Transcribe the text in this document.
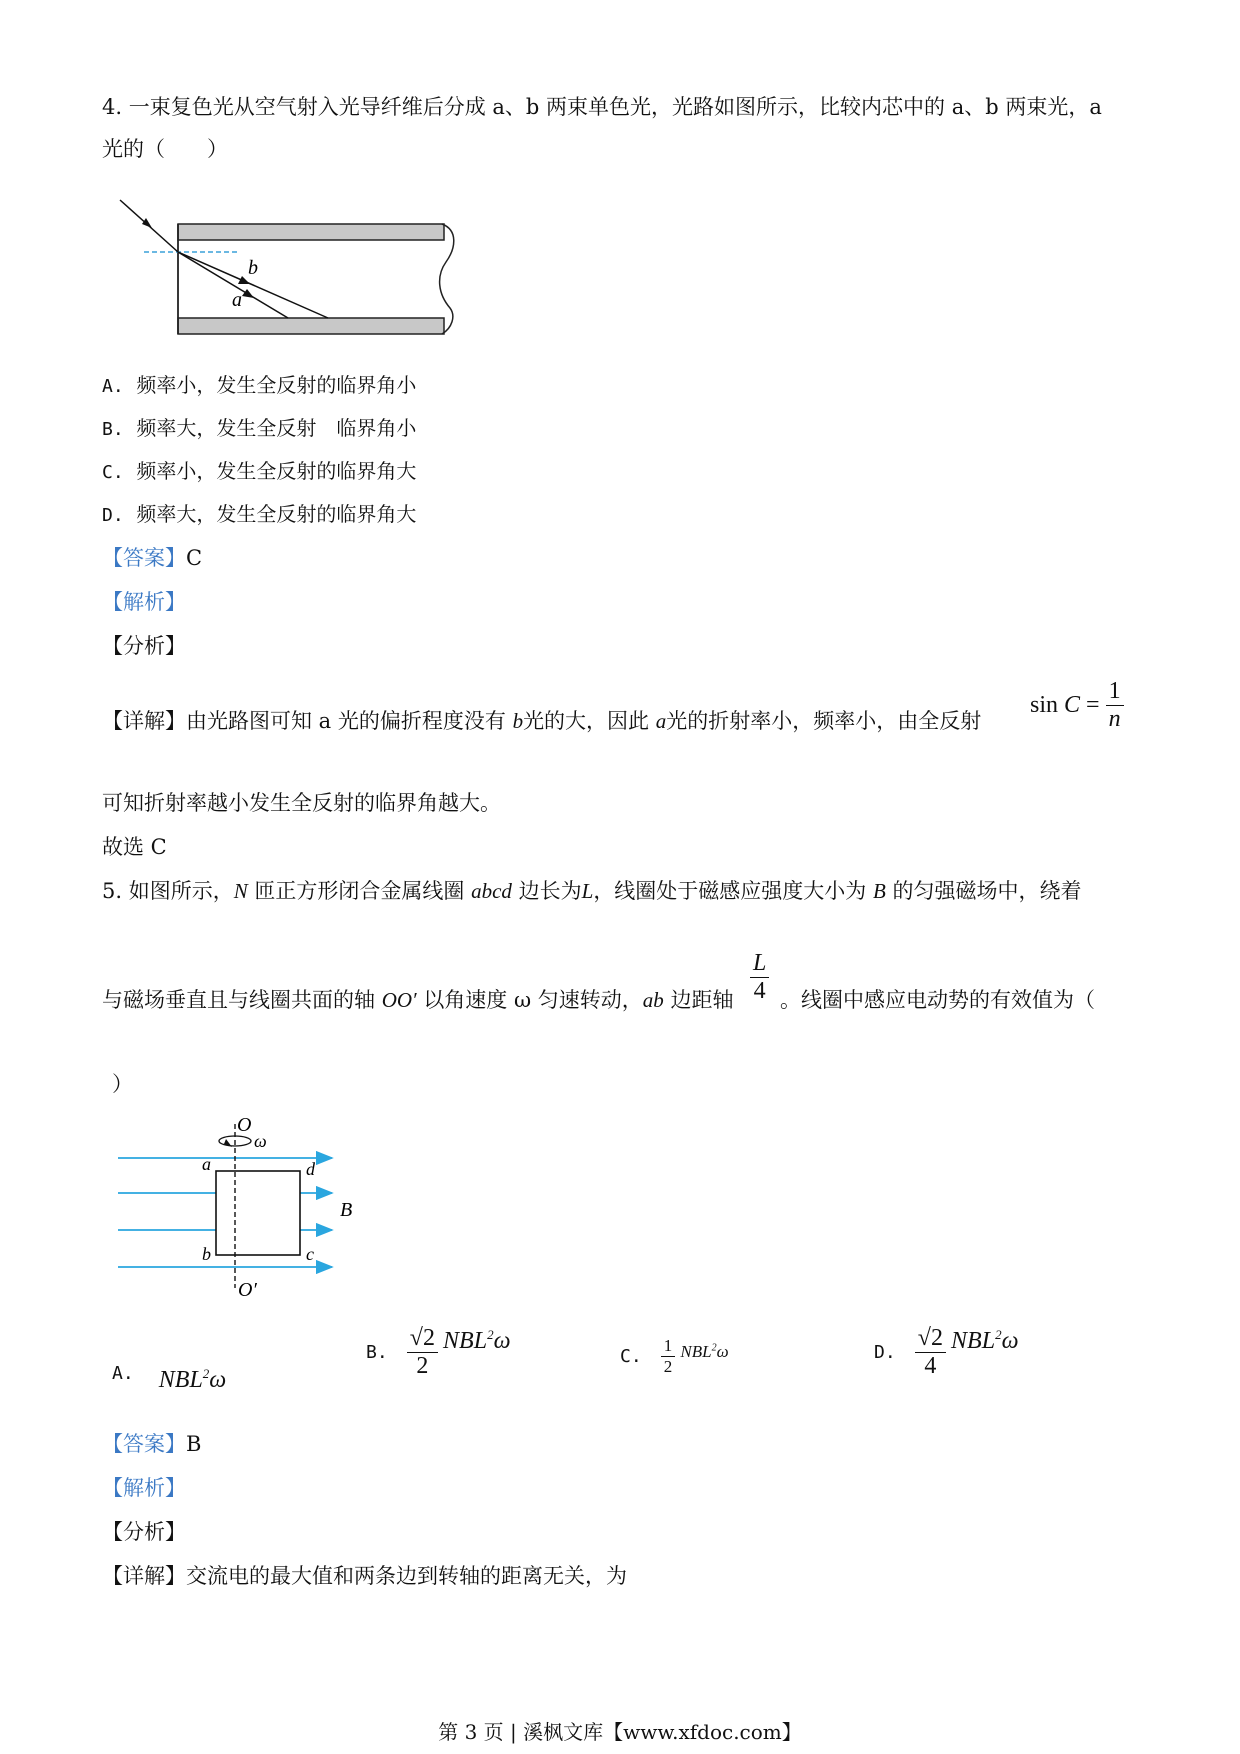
4. 一束复色光从空气射入光导纤维后分成 a、b 两束单色光，光路如图所示，比较内芯中的 a、b 两束光，a
光的（　　）
b
a
A. 频率小，发生全反射的临界角小
B. 频率大，发生全反射　临界角小
C. 频率小，发生全反射的临界角大
D. 频率大，发生全反射的临界角大
【答案】C
【解析】
【分析】
【详解】由光路图可知 a 光的偏折程度没有 b光的大，因此 a光的折射率小，频率小，由全反射
$\sin C = \frac{1}{n}$
可知折射率越小发生全反射的临界角越大。
故选 C
5. 如图所示，N 匝正方形闭合金属线圈 abcd 边长为L，线圈处于磁感应强度大小为 B 的匀强磁场中，绕着
与磁场垂直且与线圈共面的轴 OO′ 以角速度 ω 匀速转动，ab 边距轴 $\frac{L}{4}$ 。线圈中感应电动势的有效值为（
）
O
ω
a	d
B
b	c
O′
A. NBL$^2$ω
B. $\frac{√2}{2} NBL^2\omega$
C. $\frac{1}{2} NBL^2\omega$	D. $\frac{√2}{4} NBL^2\omega$
【答案】B
【解析】
【分析】
【详解】交流电的最大值和两条边到转轴的距离无关，为
第 3 页 | 溪枫文库【www.xfdoc.com】
